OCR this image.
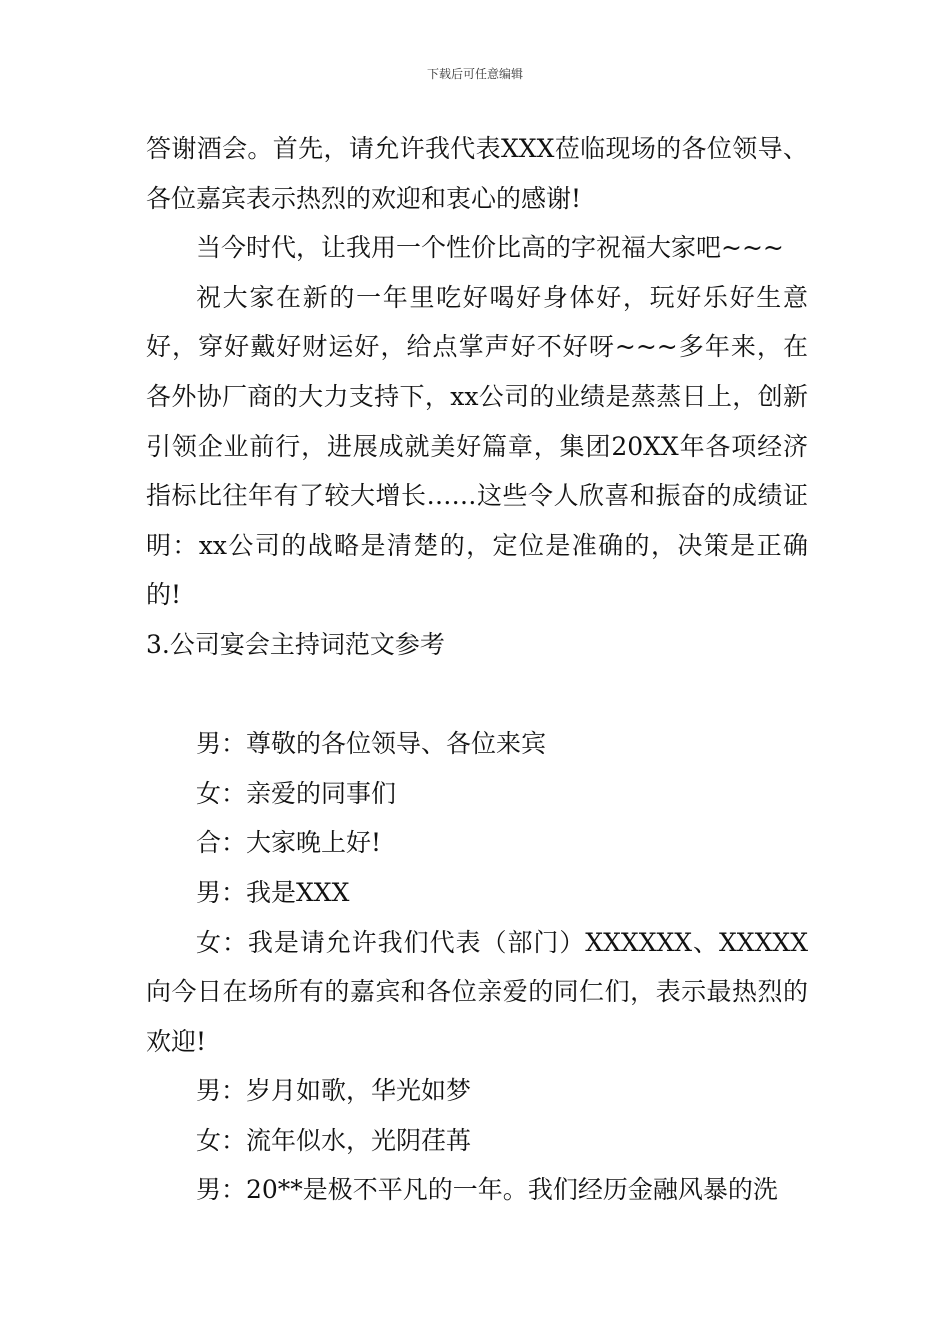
下载后可任意编辑

答谢酒会。首先，请允许我代表XXX莅临现场的各位领导、各位嘉宾表示热烈的欢迎和衷心的感谢!

当今时代，让我用一个性价比高的字祝福大家吧~~~

祝大家在新的一年里吃好喝好身体好，玩好乐好生意好，穿好戴好财运好，给点掌声好不好呀~~~多年来，在各外协厂商的大力支持下，xx公司的业绩是蒸蒸日上，创新引领企业前行，进展成就美好篇章，集团20XX年各项经济指标比往年有了较大增长……这些令人欣喜和振奋的成绩证明：xx公司的战略是清楚的，定位是准确的，决策是正确的!

3.公司宴会主持词范文参考

男：尊敬的各位领导、各位来宾

女：亲爱的同事们

合：大家晚上好!

男：我是XXX

女：我是请允许我们代表（部门）XXXXXX、XXXXX向今日在场所有的嘉宾和各位亲爱的同仁们，表示最热烈的欢迎!

男：岁月如歌，华光如梦

女：流年似水，光阴荏苒

男：20**是极不平凡的一年。我们经历金融风暴的洗
